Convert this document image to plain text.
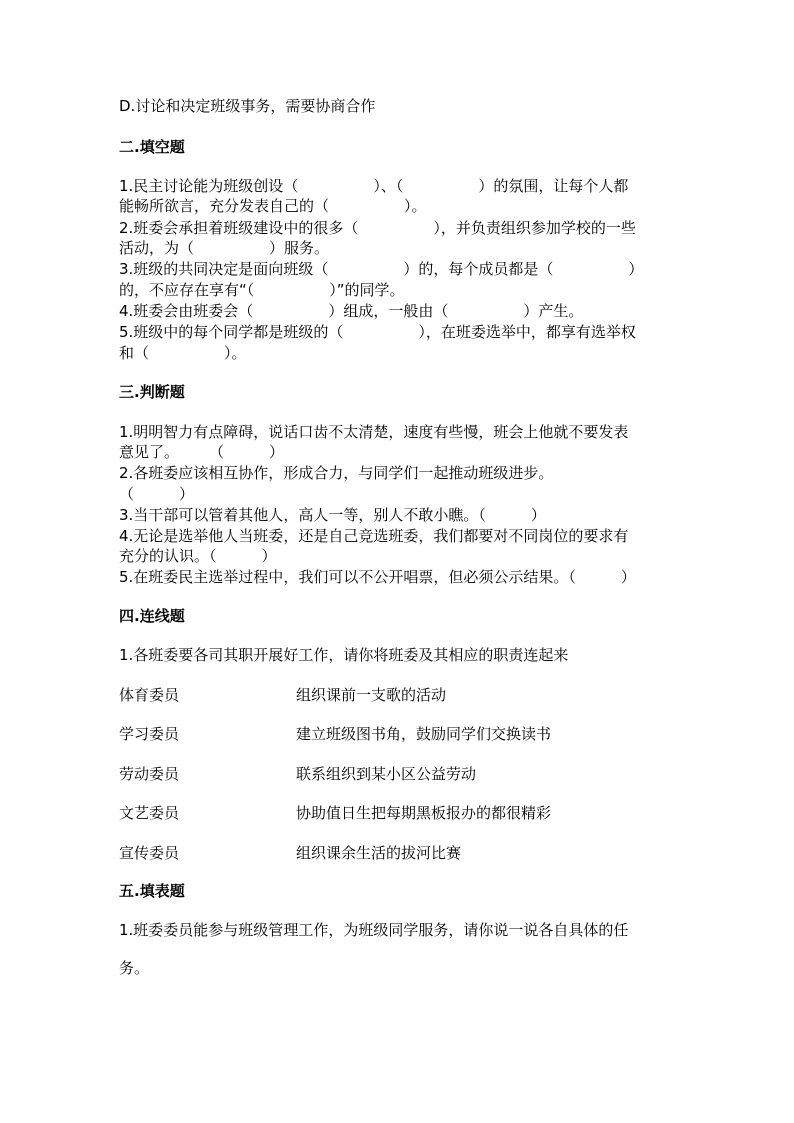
D.讨论和决定班级事务，需要协商合作
二.填空题
1.民主讨论能为班级创设（　　　　　）、（　　　　　）的氛围，让每个人都
能畅所欲言，充分发表自己的（　　　　　）。
2.班委会承担着班级建设中的很多（　　　　　），并负责组织参加学校的一些
活动，为（　　　　　）服务。
3.班级的共同决定是面向班级（　　　　　）的，每个成员都是（　　　　　）
的，不应存在享有“（　　　　　）”的同学。
4.班委会由班委会（　　　　　）组成，一般由（　　　　　）产生。
5.班级中的每个同学都是班级的（　　　　　），在班委选举中，都享有选举权
和（　　　　　）。
三.判断题
1.明明智力有点障碍，说话口齿不太清楚，速度有些慢，班会上他就不要发表
意见了。　　　（　　　）
2.各班委应该相互协作，形成合力，与同学们一起推动班级进步。
（　　　）
3.当干部可以管着其他人，高人一等，别人不敢小瞧。（　　　）
4.无论是选举他人当班委，还是自己竞选班委，我们都要对不同岗位的要求有
充分的认识。（　　　）
5.在班委民主选举过程中，我们可以不公开唱票，但必须公示结果。（　　　）
四.连线题
1.各班委要各司其职开展好工作，请你将班委及其相应的职责连起来
体育委员	组织课前一支歌的活动
学习委员	建立班级图书角，鼓励同学们交换读书
劳动委员	联系组织到某小区公益劳动
文艺委员	协助值日生把每期黑板报办的都很精彩
宣传委员	组织课余生活的拔河比赛
五.填表题
1.班委委员能参与班级管理工作，为班级同学服务，请你说一说各自具体的任
务。
